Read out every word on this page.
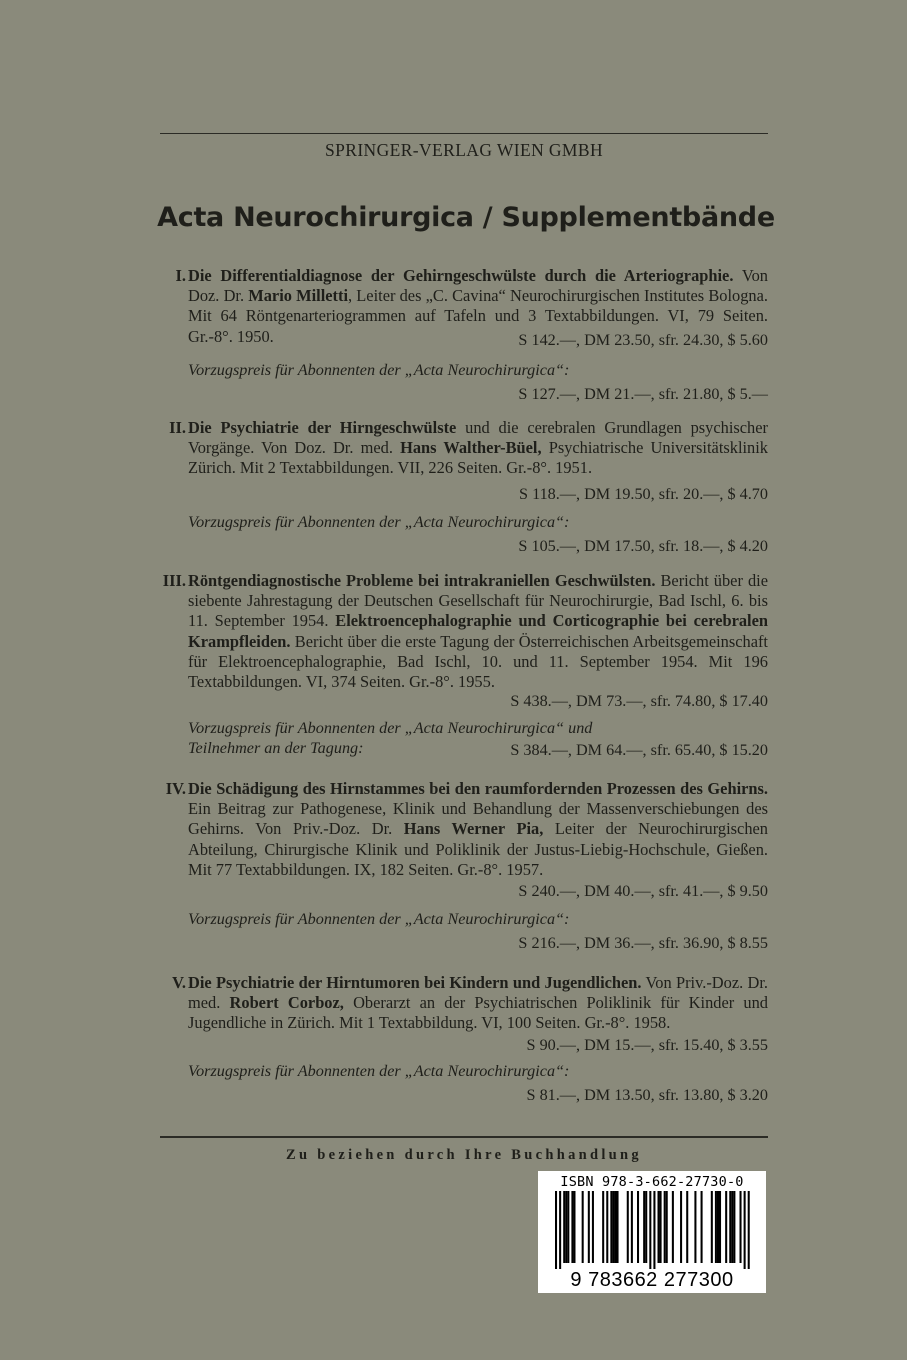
SPRINGER-VERLAG WIEN GMBH
Acta Neurochirurgica / Supplementbände
I. Die Differentialdiagnose der Gehirngeschwülste durch die Arteriographie. Von Doz. Dr. Mario Milletti, Leiter des „C. Cavina“ Neurochirurgischen Institutes Bologna. Mit 64 Röntgenarteriogrammen auf Tafeln und 3 Textabbildungen. VI, 79 Seiten. Gr.-8°. 1950.	S 142.—, DM 23.50, sfr. 24.30, $ 5.60
Vorzugspreis für Abonnenten der „Acta Neurochirurgica“:
S 127.—, DM 21.—, sfr. 21.80, $ 5.—
II. Die Psychiatrie der Hirngeschwülste und die cerebralen Grundlagen psychischer Vorgänge. Von Doz. Dr. med. Hans Walther-Büel, Psychiatrische Universitätsklinik Zürich. Mit 2 Textabbildungen. VII, 226 Seiten. Gr.-8°. 1951.
S 118.—, DM 19.50, sfr. 20.—, $ 4.70
Vorzugspreis für Abonnenten der „Acta Neurochirurgica“:
S 105.—, DM 17.50, sfr. 18.—, $ 4.20
III. Röntgendiagnostische Probleme bei intrakraniellen Geschwülsten. Bericht über die siebente Jahrestagung der Deutschen Gesellschaft für Neurochirurgie, Bad Ischl, 6. bis 11. September 1954. Elektroencephalographie und Corticographie bei cerebralen Krampfleiden. Bericht über die erste Tagung der Österreichischen Arbeitsgemeinschaft für Elektroencephalographie, Bad Ischl, 10. und 11. September 1954. Mit 196 Textabbildungen. VI, 374 Seiten. Gr.-8°. 1955.
S 438.—, DM 73.—, sfr. 74.80, $ 17.40
Vorzugspreis für Abonnenten der „Acta Neurochirurgica“ und Teilnehmer an der Tagung:	S 384.—, DM 64.—, sfr. 65.40, $ 15.20
IV. Die Schädigung des Hirnstammes bei den raumfordernden Prozessen des Gehirns. Ein Beitrag zur Pathogenese, Klinik und Behandlung der Massenverschiebungen des Gehirns. Von Priv.-Doz. Dr. Hans Werner Pia, Leiter der Neurochirurgischen Abteilung, Chirurgische Klinik und Poliklinik der Justus-Liebig-Hochschule, Gießen. Mit 77 Textabbildungen. IX, 182 Seiten. Gr.-8°. 1957.
S 240.—, DM 40.—, sfr. 41.—, $ 9.50
Vorzugspreis für Abonnenten der „Acta Neurochirurgica“:
S 216.—, DM 36.—, sfr. 36.90, $ 8.55
V. Die Psychiatrie der Hirntumoren bei Kindern und Jugendlichen. Von Priv.-Doz. Dr. med. Robert Corboz, Oberarzt an der Psychiatrischen Poliklinik für Kinder und Jugendliche in Zürich. Mit 1 Textabbildung. VI, 100 Seiten. Gr.-8°. 1958.
S 90.—, DM 15.—, sfr. 15.40, $ 3.55
Vorzugspreis für Abonnenten der „Acta Neurochirurgica“:
S 81.—, DM 13.50, sfr. 13.80, $ 3.20
Zu beziehen durch Ihre Buchhandlung
ISBN 978-3-662-27730-0
9 783662 277300
